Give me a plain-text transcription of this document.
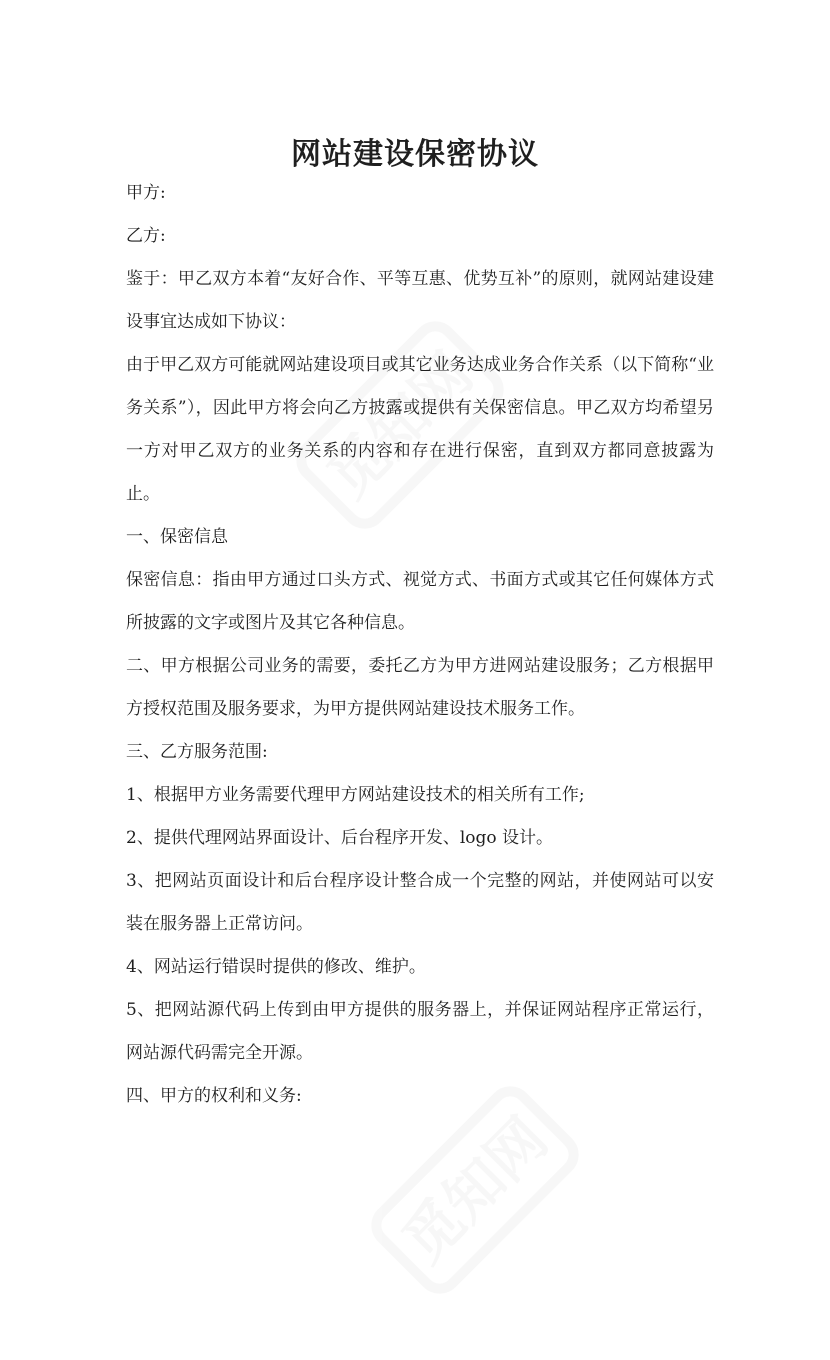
觅知网
觅知网
网站建设保密协议

甲方:

乙方:

鉴于：甲乙双方本着“友好合作、平等互惠、优势互补”的原则，就网站建设建设事宜达成如下协议：

由于甲乙双方可能就网站建设项目或其它业务达成业务合作关系（以下简称“业务关系”），因此甲方将会向乙方披露或提供有关保密信息。甲乙双方均希望另一方对甲乙双方的业务关系的内容和存在进行保密，直到双方都同意披露为止。

一、保密信息

保密信息：指由甲方通过口头方式、视觉方式、书面方式或其它任何媒体方式所披露的文字或图片及其它各种信息。

二、甲方根据公司业务的需要，委托乙方为甲方进网站建设服务；乙方根据甲方授权范围及服务要求，为甲方提供网站建设技术服务工作。

三、乙方服务范围:

1、根据甲方业务需要代理甲方网站建设技术的相关所有工作;

2、提供代理网站界面设计、后台程序开发、logo 设计。

3、把网站页面设计和后台程序设计整合成一个完整的网站，并使网站可以安装在服务器上正常访问。

4、网站运行错误时提供的修改、维护。

5、把网站源代码上传到由甲方提供的服务器上，并保证网站程序正常运行，网站源代码需完全开源。

四、甲方的权利和义务:
